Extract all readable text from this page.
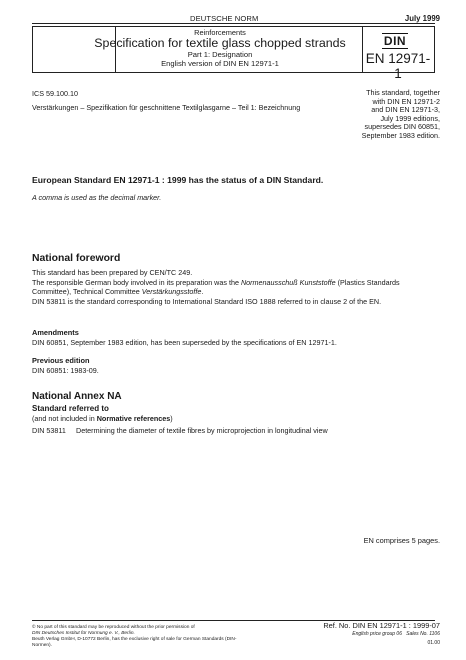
DEUTSCHE NORM	July 1999
Reinforcements
Specification for textile glass chopped strands
Part 1: Designation
English version of DIN EN 12971-1
DIN
EN 12971-1
ICS 59.100.10
Verstärkungen – Spezifikation für geschnittene Textilglasgarne – Teil 1: Bezeichnung
This standard, together with DIN EN 12971-2 and DIN EN 12971-3, July 1999 editions, supersedes DIN 60851, September 1983 edition.
European Standard EN 12971-1 : 1999 has the status of a DIN Standard.
A comma is used as the decimal marker.
National foreword

This standard has been prepared by CEN/TC 249.

The responsible German body involved in its preparation was the Normenausschuß Kunststoffe (Plastics Standards Committee), Technical Committee Verstärkungsstoffe.

DIN 53811 is the standard corresponding to International Standard ISO 1888 referred to in clause 2 of the EN.

Amendments
DIN 60851, September 1983 edition, has been superseded by the specifications of EN 12971-1.
Previous edition
DIN 60851: 1983-09.
National Annex NA
Standard referred to
(and not included in Normative references)
DIN 53811 Determining the diameter of textile fibres by microprojection in longitudinal view
EN comprises 5 pages.
© No part of this standard may be reproduced without the prior permission of
DIN Deutsches Institut für Normung e. V., Berlin.
Beuth Verlag GmbH, D-10772 Berlin, has the exclusive right of sale for German Standards (DIN-Normen).
Ref. No. DIN EN 12971-1 : 1999-07
English price group 06 Sales No. 1106
01.00
